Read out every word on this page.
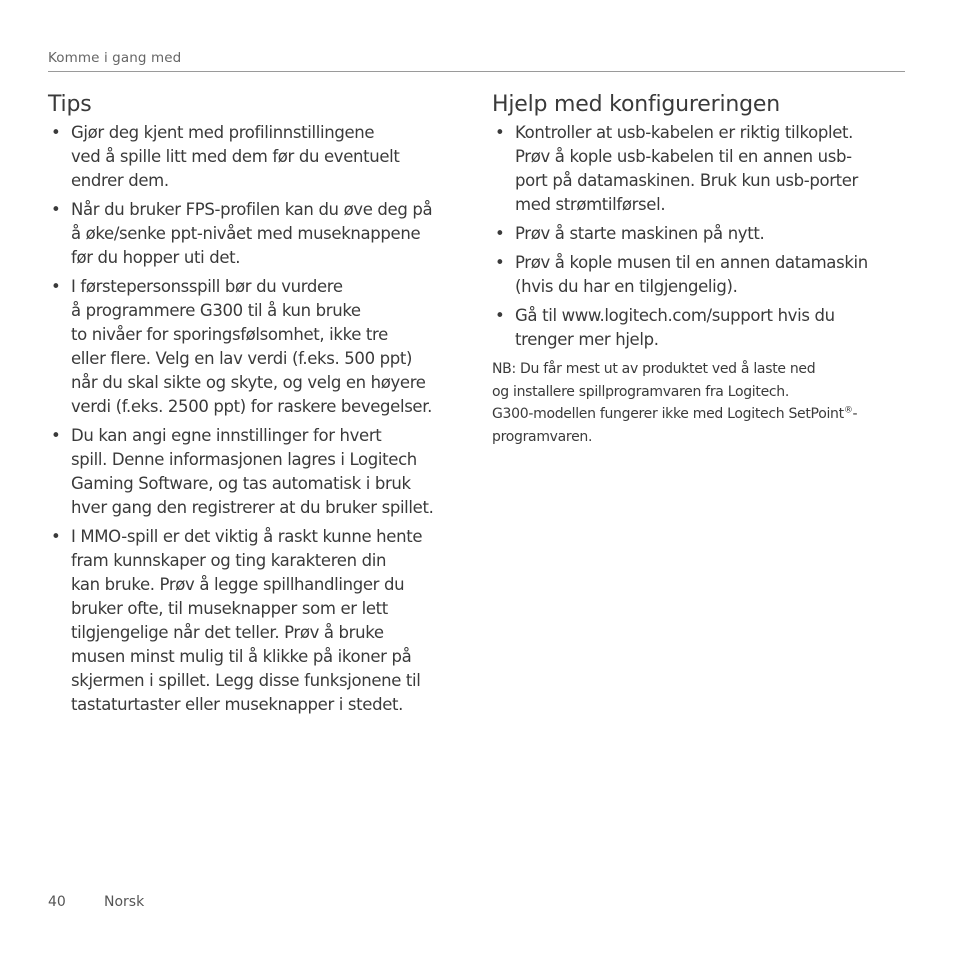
Komme i gang med
Tips
• Gjør deg kjent med profilinnstillingene
ved å spille litt med dem før du eventuelt
endrer dem.
• Når du bruker FPS-profilen kan du øve deg på
å øke/senke ppt-nivået med museknappene
før du hopper uti det.
• I førstepersonsspill bør du vurdere
å programmere G300 til å kun bruke
to nivåer for sporingsfølsomhet, ikke tre
eller flere. Velg en lav verdi (f.eks. 500 ppt)
når du skal sikte og skyte, og velg en høyere
verdi (f.eks. 2500 ppt) for raskere bevegelser.
• Du kan angi egne innstillinger for hvert
spill. Denne informasjonen lagres i Logitech
Gaming Software, og tas automatisk i bruk
hver gang den registrerer at du bruker spillet.
• I MMO-spill er det viktig å raskt kunne hente
fram kunnskaper og ting karakteren din
kan bruke. Prøv å legge spillhandlinger du
bruker ofte, til museknapper som er lett
tilgjengelige når det teller. Prøv å bruke
musen minst mulig til å klikke på ikoner på
skjermen i spillet. Legg disse funksjonene til
tastaturtaster eller museknapper i stedet.
Hjelp med konfigureringen
• Kontroller at usb-kabelen er riktig tilkoplet.
Prøv å kople usb-kabelen til en annen usb-
port på datamaskinen. Bruk kun usb-porter
med strømtilførsel.
• Prøv å starte maskinen på nytt.
• Prøv å kople musen til en annen datamaskin
(hvis du har en tilgjengelig).
• Gå til www.logitech.com/support hvis du
trenger mer hjelp.

NB: Du får mest ut av produktet ved å laste ned
og installere spillprogramvaren fra Logitech.
G300-modellen fungerer ikke med Logitech SetPoint®-
programvaren.

40	Norsk
